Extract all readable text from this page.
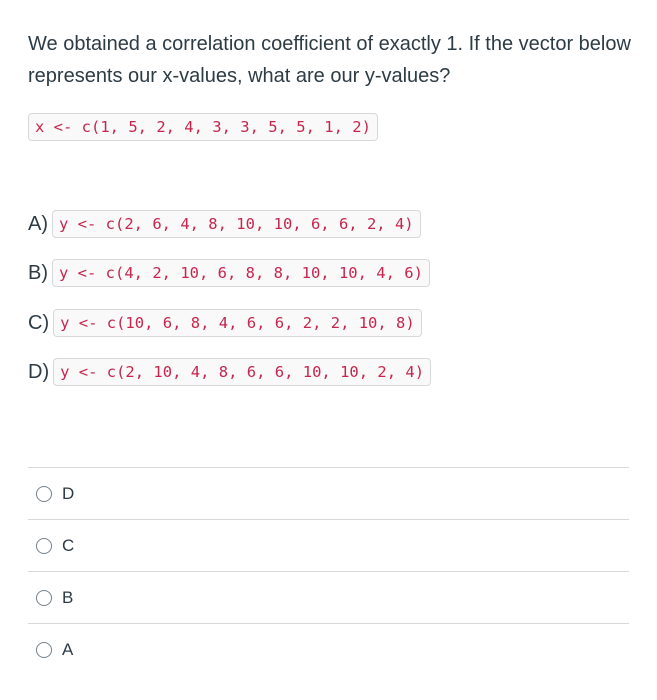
We obtained a correlation coefficient of exactly 1. If the vector below represents our x-values, what are our y-values?
x <- c(1, 5, 2, 4, 3, 3, 5, 5, 1, 2)
A) y <- c(2, 6, 4, 8, 10, 10, 6, 6, 2, 4)
B) y <- c(4, 2, 10, 6, 8, 8, 10, 10, 4, 6)
C) y <- c(10, 6, 8, 4, 6, 6, 2, 2, 10, 8)
D) y <- c(2, 10, 4, 8, 6, 6, 10, 10, 2, 4)
D
C
B
A
